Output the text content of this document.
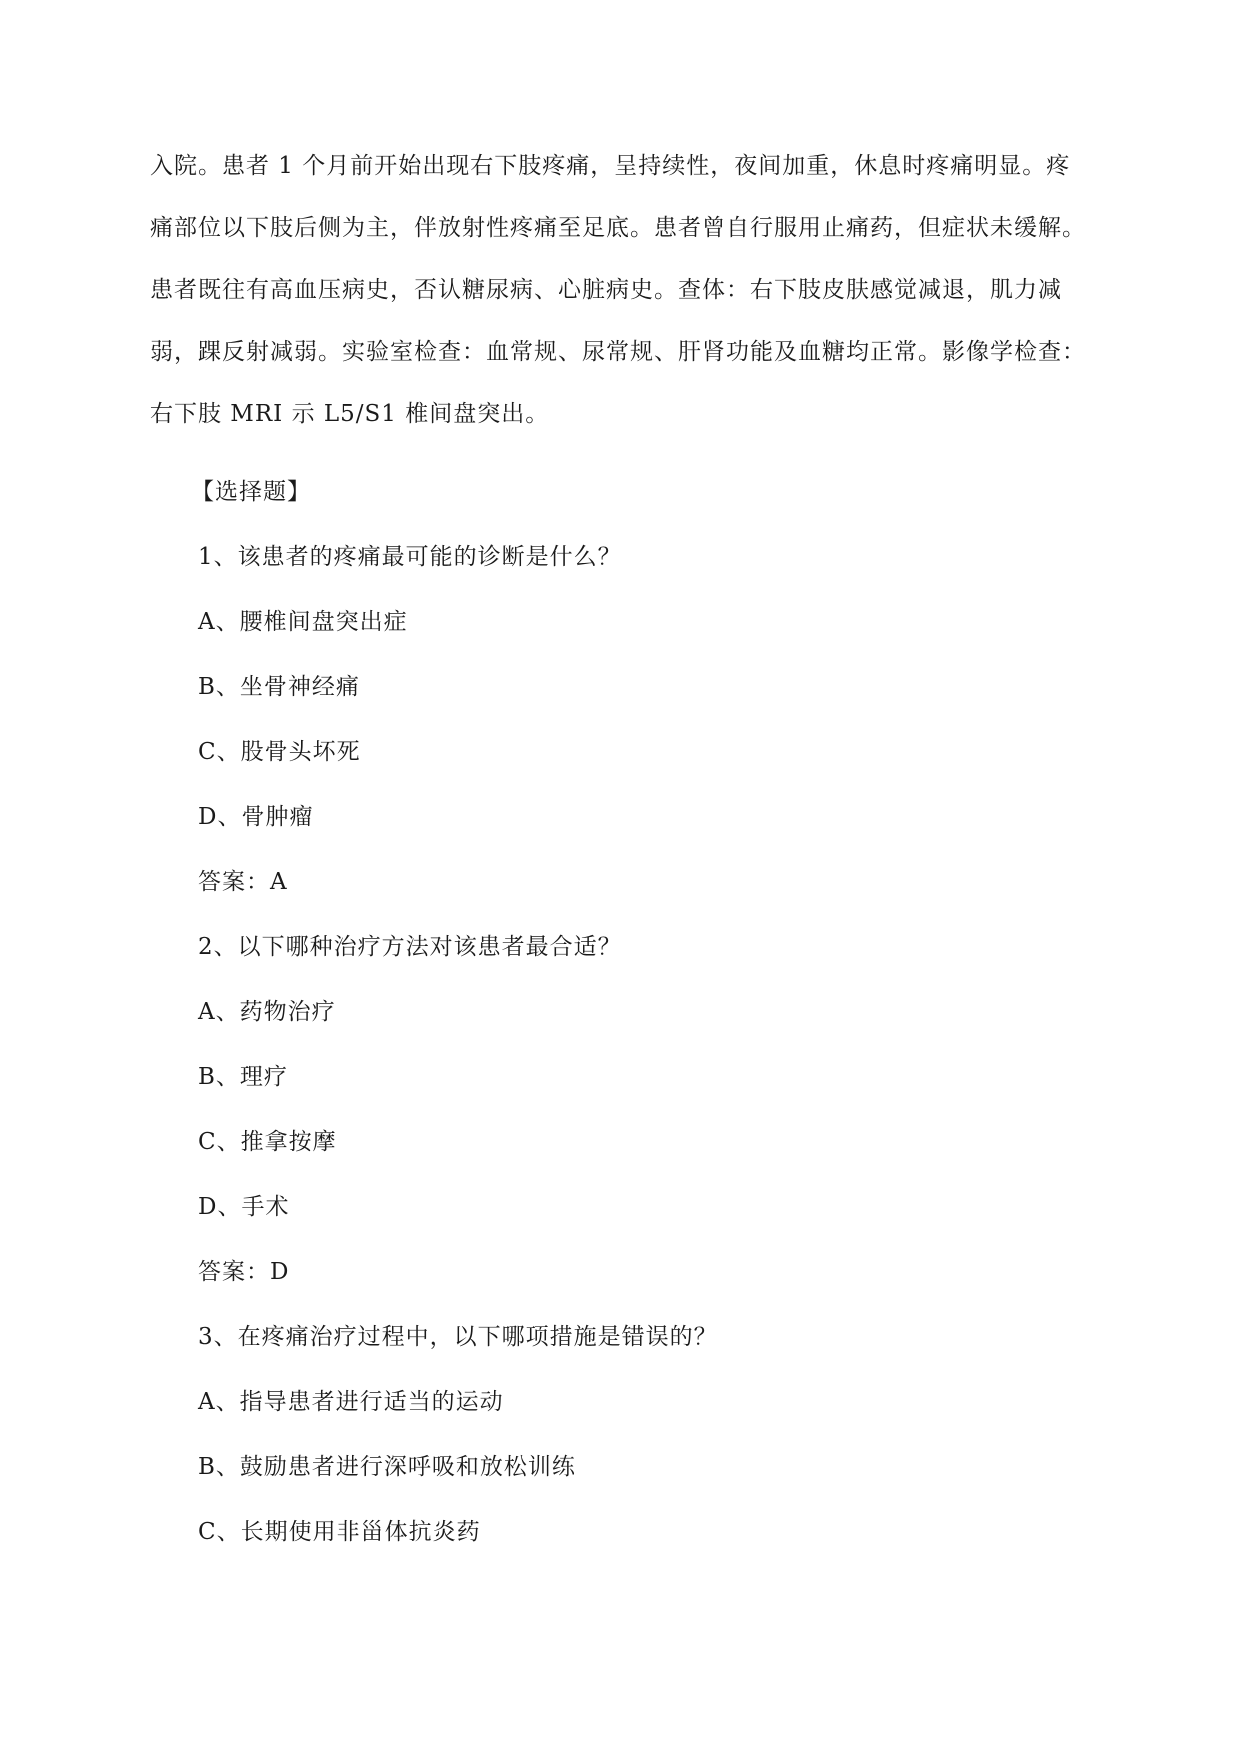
入院。患者 1 个月前开始出现右下肢疼痛，呈持续性，夜间加重，休息时疼痛明显。疼
痛部位以下肢后侧为主，伴放射性疼痛至足底。患者曾自行服用止痛药，但症状未缓解。
患者既往有高血压病史，否认糖尿病、心脏病史。查体：右下肢皮肤感觉减退，肌力减
弱，踝反射减弱。实验室检查：血常规、尿常规、肝肾功能及血糖均正常。影像学检查：
右下肢 MRI 示 L5/S1 椎间盘突出。
【选择题】
1、该患者的疼痛最可能的诊断是什么？
A、腰椎间盘突出症
B、坐骨神经痛
C、股骨头坏死
D、骨肿瘤
答案：A
2、以下哪种治疗方法对该患者最合适？
A、药物治疗
B、理疗
C、推拿按摩
D、手术
答案：D
3、在疼痛治疗过程中，以下哪项措施是错误的？
A、指导患者进行适当的运动
B、鼓励患者进行深呼吸和放松训练
C、长期使用非甾体抗炎药
